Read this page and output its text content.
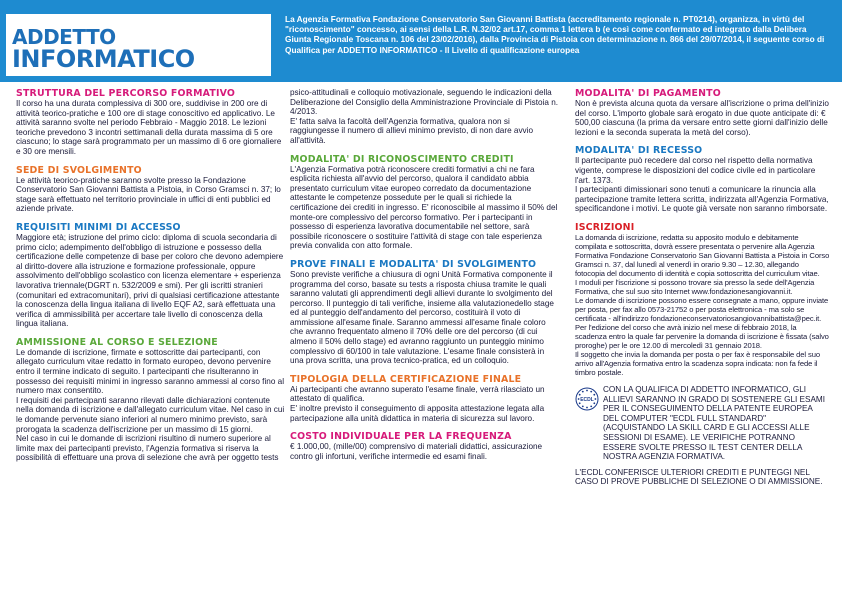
ADDETTO
INFORMATICO
La Agenzia Formativa Fondazione Conservatorio San Giovanni Battista (accreditamento regionale n. PT0214), organizza, in virtù del "riconoscimento" concesso, ai sensi della L.R. N.32/02 art.17, comma 1 lettera b (e così come confermato ed integrato dalla Delibera Giunta Regionale Toscana n. 106 del 23/02/2016), dalla Provincia di Pistoia con determinazione n. 866 del 29/07/2014, il seguente corso di Qualifica per ADDETTO INFORMATICO - Il Livello di qualificazione europea
STRUTTURA DEL PERCORSO FORMATIVO
Il corso ha una durata complessiva di 300 ore, suddivise in 200 ore di attività teorico-pratiche e 100 ore di stage conoscitivo ed applicativo. Le attività saranno svolte nel periodo Febbraio - Maggio 2018. Le lezioni teoriche prevedono 3 incontri settimanali della durata massima di 5 ore ciascuno; lo stage sarà programmato per un massimo di 6 ore giornaliere e 30 ore mensili.
SEDE DI SVOLGIMENTO
Le attività teorico-pratiche saranno svolte presso la Fondazione Conservatorio San Giovanni Battista a Pistoia, in Corso Gramsci n. 37; lo stage sarà effettuato nel territorio provinciale in uffici di enti pubblici ed aziende private.
REQUISITI MINIMI DI ACCESSO
Maggiore età; istruzione del primo ciclo: diploma di scuola secondaria di primo ciclo; adempimento dell'obbligo di istruzione e possesso della certificazione delle competenze di base per coloro che devono adempiere al diritto-dovere alla istruzione e formazione professionale, oppure assolvimento dell'obbligo scolastico con licenza elementare + esperienza lavorativa triennale(DGRT n. 532/2009 e smi). Per gli iscritti stranieri (comunitari ed extracomunitari), privi di qualsiasi certificazione attestante la conoscenza della lingua italiana di livello EQF A2, sarà effettuata una verifica di ammissibilità per accertare tale livello di conoscenza della lingua italiana.
AMMISSIONE AL CORSO E SELEZIONE
Le domande di iscrizione, firmate e sottoscritte dai partecipanti, con allegato curriculum vitae redatto in formato europeo, devono pervenire entro il termine indicato di seguito. I partecipanti che risulteranno in possesso dei requisiti minimi in ingresso saranno ammessi al corso fino al numero max consentito.
I requisiti dei partecipanti saranno rilevati dalle dichiarazioni contenute nella domanda di iscrizione e dall'allegato curriculum vitae. Nel caso in cui le domande pervenute siano inferiori al numero minimo previsto, sarà prorogata la scadenza dell'iscrizione per un massimo di 15 giorni.
Nel caso in cui le domande di iscrizioni risultino di numero superiore al limite max dei partecipanti previsto, l'Agenzia formativa si riserva la possibilità di effettuare una prova di selezione che avrà per oggetto tests
psico-attitudinali e colloquio motivazionale, seguendo le indicazioni della Deliberazione del Consiglio della Amministrazione Provinciale di Pistoia n. 4/2013.
E' fatta salva la facoltà dell'Agenzia formativa, qualora non si raggiungesse il numero di allievi minimo previsto, di non dare avvio all'attività.
MODALITA' DI RICONOSCIMENTO CREDITI
L'Agenzia Formativa potrà riconoscere crediti formativi a chi ne fara esplicita richiesta all'avvio del percorso, qualora il candidato abbia presentato curriculum vitae europeo corredato da documentazione attestante le competenze possedute per le quali si richiede la certificazione dei crediti in ingresso. E' riconoscibile al massimo il 50% del monte-ore complessivo del percorso formativo. Per i partecipanti in possesso di esperienza lavorativa documentabile nel settore, sarà possibile riconoscere o sostituire l'attività di stage con tale esperienza previa convalida con atto formale.
PROVE FINALI E MODALITA' DI SVOLGIMENTO
Sono previste verifiche a chiusura di ogni Unità Formativa componente il programma del corso, basate su tests a risposta chiusa tramite le quali saranno valutati gli apprendimenti degli allievi durante lo svolgimento del percorso. Il punteggio di tali verifiche, insieme alla valutazionedello stage ed al punteggio dell'andamento del percorso, costituirà il voto di ammissione all'esame finale. Saranno ammessi all'esame finale coloro che avranno frequentato almeno il 70% delle ore del percorso (di cui almeno il 50% dello stage) ed avranno raggiunto un punteggio minimo complessivo di 60/100 in tale valutazione. L'esame finale consisterà in una prova scritta, una prova tecnico-pratica, ed un colloquio.
TIPOLOGIA DELLA CERTIFICAZIONE FINALE
Ai partecipanti che avranno superato l'esame finale, verrà rilasciato un attestato di qualifica.
E' inoltre previsto il conseguimento di apposita attestazione legata alla partecipazione alla unità didattica in materia di sicurezza sul lavoro.
COSTO INDIVIDUALE PER LA FREQUENZA
€ 1.000,00, (mille/00) comprensivo di materiali didattici, assicurazione contro gli infortuni, verifiche intermedie ed esami finali.
MODALITA' DI PAGAMENTO
Non è prevista alcuna quota da versare all'iscrizione o prima dell'inizio del corso. L'importo globale sarà erogato in due quote anticipate di: € 500,00 ciascuna (la prima da versare entro sette giorni dall'inizio delle lezioni e la seconda superata la metà del corso).
MODALITA' DI RECESSO
Il partecipante può recedere dal corso nel rispetto della normativa vigente, comprese le disposizioni del codice civile ed in particolare l'art. 1373.
I partecipanti dimissionari sono tenuti a comunicare la rinuncia alla partecipazione tramite lettera scritta, indirizzata all'Agenzia Formativa, specificandone i motivi. Le quote già versate non saranno rimborsate.
ISCRIZIONI
La domanda di iscrizione, redatta su apposito modulo e debitamente compilata e sottoscritta, dovrà essere presentata o pervenire alla Agenzia Formativa Fondazione Conservatorio San Giovanni Battista a Pistoia in Corso Gramsci n. 37, dal lunedì al venerdì in orario 9.30 – 12.30, allegando fotocopia del documento di identità e copia sottoscritta del curriculum vitae.
I moduli per l'iscrizione si possono trovare sia presso la sede dell'Agenzia Formativa, che sul suo sito Internet www.fondazionesangiovanni.it.
Le domande di iscrizione possono essere consegnate a mano, oppure inviate per posta, per fax allo 0573-21752 o per posta elettronica - ma solo se certificata - all'indirizzo fondazioneconservatoriosangiovannibattista@pec.it.
Per l'edizione del corso che avrà inizio nel mese di febbraio 2018, la scadenza entro la quale far pervenire la domanda di iscrizione è fissata (salvo proroghe) per le ore 12.00 di mercoledì 31 gennaio 2018.
Il soggetto che invia la domanda per posta o per fax è responsabile del suo arrivo all'Agenzia formativa entro la scadenza sopra indicata: non fa fede il timbro postale.
ECDL
CON LA QUALIFICA DI ADDETTO INFORMATICO, GLI ALLIEVI SARANNO IN GRADO DI SOSTENERE GLI ESAMI PER IL CONSEGUIMENTO DELLA PATENTE EUROPEA DEL COMPUTER "ECDL FULL STANDARD" (ACQUISTANDO LA SKILL CARD E GLI ACCESSI ALLE SESSIONI DI ESAME). LE VERIFICHE POTRANNO ESSERE SVOLTE PRESSO IL TEST CENTER DELLA NOSTRA AGENZIA FORMATIVA.
L'ECDL CONFERISCE ULTERIORI CREDITI E PUNTEGGI NEL CASO DI PROVE PUBBLICHE DI SELEZIONE O DI AMMISSIONE.
